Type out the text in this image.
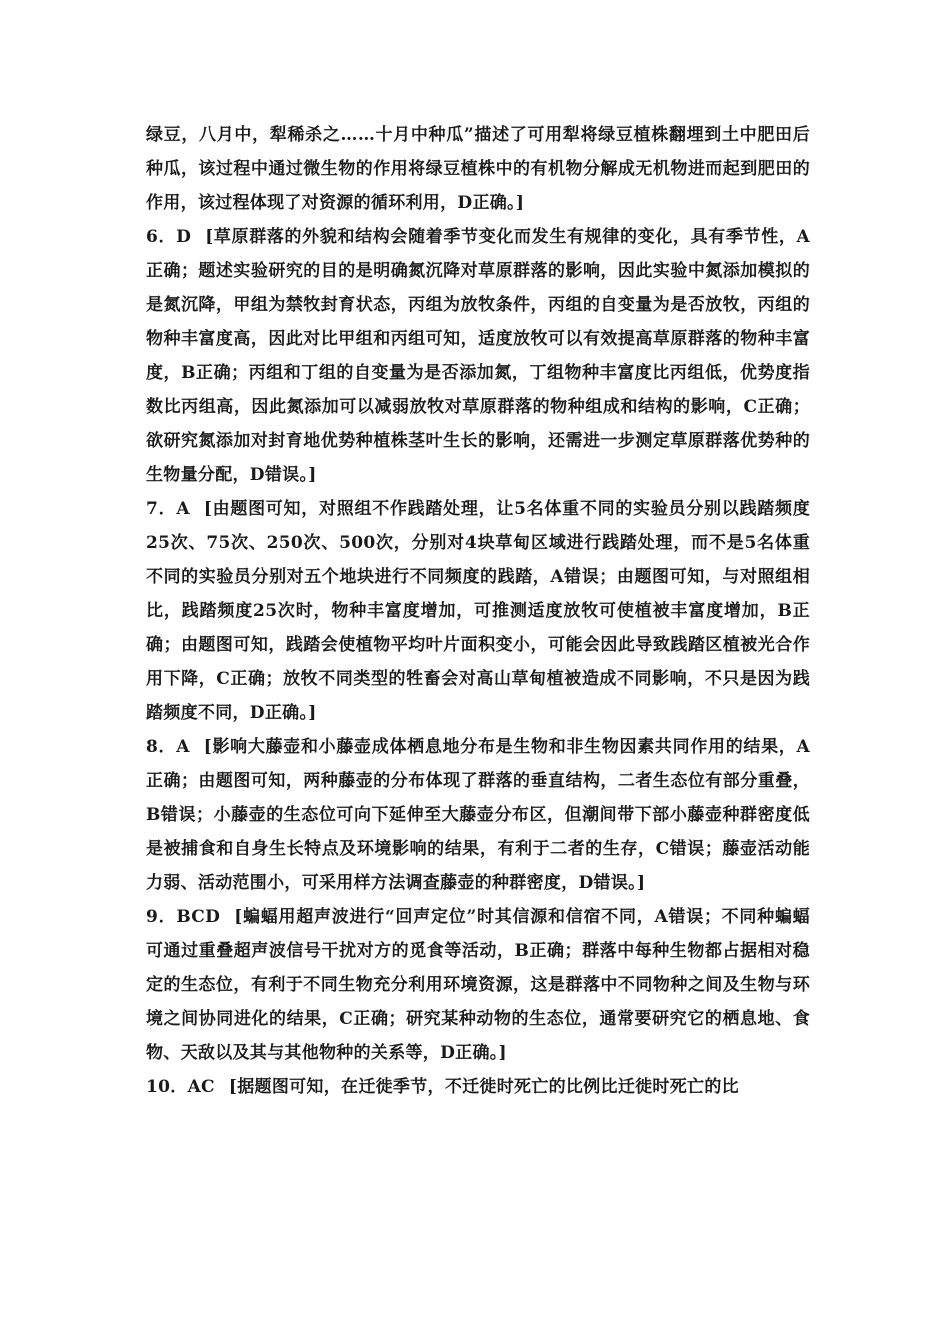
绿豆，八月中，犁稀杀之……十月中种瓜”描述了可用犁将绿豆植株翻埋到土中肥田后种瓜，该过程中通过微生物的作用将绿豆植株中的有机物分解成无机物进而起到肥田的作用，该过程体现了对资源的循环利用，D正确。]

6．D [草原群落的外貌和结构会随着季节变化而发生有规律的变化，具有季节性，A正确；题述实验研究的目的是明确氮沉降对草原群落的影响，因此实验中氮添加模拟的是氮沉降，甲组为禁牧封育状态，丙组为放牧条件，丙组的自变量为是否放牧，丙组的物种丰富度高，因此对比甲组和丙组可知，适度放牧可以有效提高草原群落的物种丰富度，B正确；丙组和丁组的自变量为是否添加氮，丁组物种丰富度比丙组低，优势度指数比丙组高，因此氮添加可以减弱放牧对草原群落的物种组成和结构的影响，C正确；欲研究氮添加对封育地优势种植株茎叶生长的影响，还需进一步测定草原群落优势种的生物量分配，D错误。]

7．A [由题图可知，对照组不作践踏处理，让5名体重不同的实验员分别以践踏频度25次、75次、250次、500次，分别对4块草甸区域进行践踏处理，而不是5名体重不同的实验员分别对五个地块进行不同频度的践踏，A错误；由题图可知，与对照组相比，践踏频度25次时，物种丰富度增加，可推测适度放牧可使植被丰富度增加，B正确；由题图可知，践踏会使植物平均叶片面积变小，可能会因此导致践踏区植被光合作用下降，C正确；放牧不同类型的牲畜会对高山草甸植被造成不同影响，不只是因为践踏频度不同，D正确。]

8．A [影响大藤壶和小藤壶成体栖息地分布是生物和非生物因素共同作用的结果，A正确；由题图可知，两种藤壶的分布体现了群落的垂直结构，二者生态位有部分重叠，B错误；小藤壶的生态位可向下延伸至大藤壶分布区，但潮间带下部小藤壶种群密度低是被捕食和自身生长特点及环境影响的结果，有利于二者的生存，C错误；藤壶活动能力弱、活动范围小，可采用样方法调查藤壶的种群密度，D错误。]

9．BCD [蝙蝠用超声波进行“回声定位”时其信源和信宿不同，A错误；不同种蝙蝠可通过重叠超声波信号干扰对方的觅食等活动，B正确；群落中每种生物都占据相对稳定的生态位，有利于不同生物充分利用环境资源，这是群落中不同物种之间及生物与环境之间协同进化的结果，C正确；研究某种动物的生态位，通常要研究它的栖息地、食物、天敌以及其与其他物种的关系等，D正确。]

10．AC [据题图可知，在迁徙季节，不迁徙时死亡的比例比迁徙时死亡的比
